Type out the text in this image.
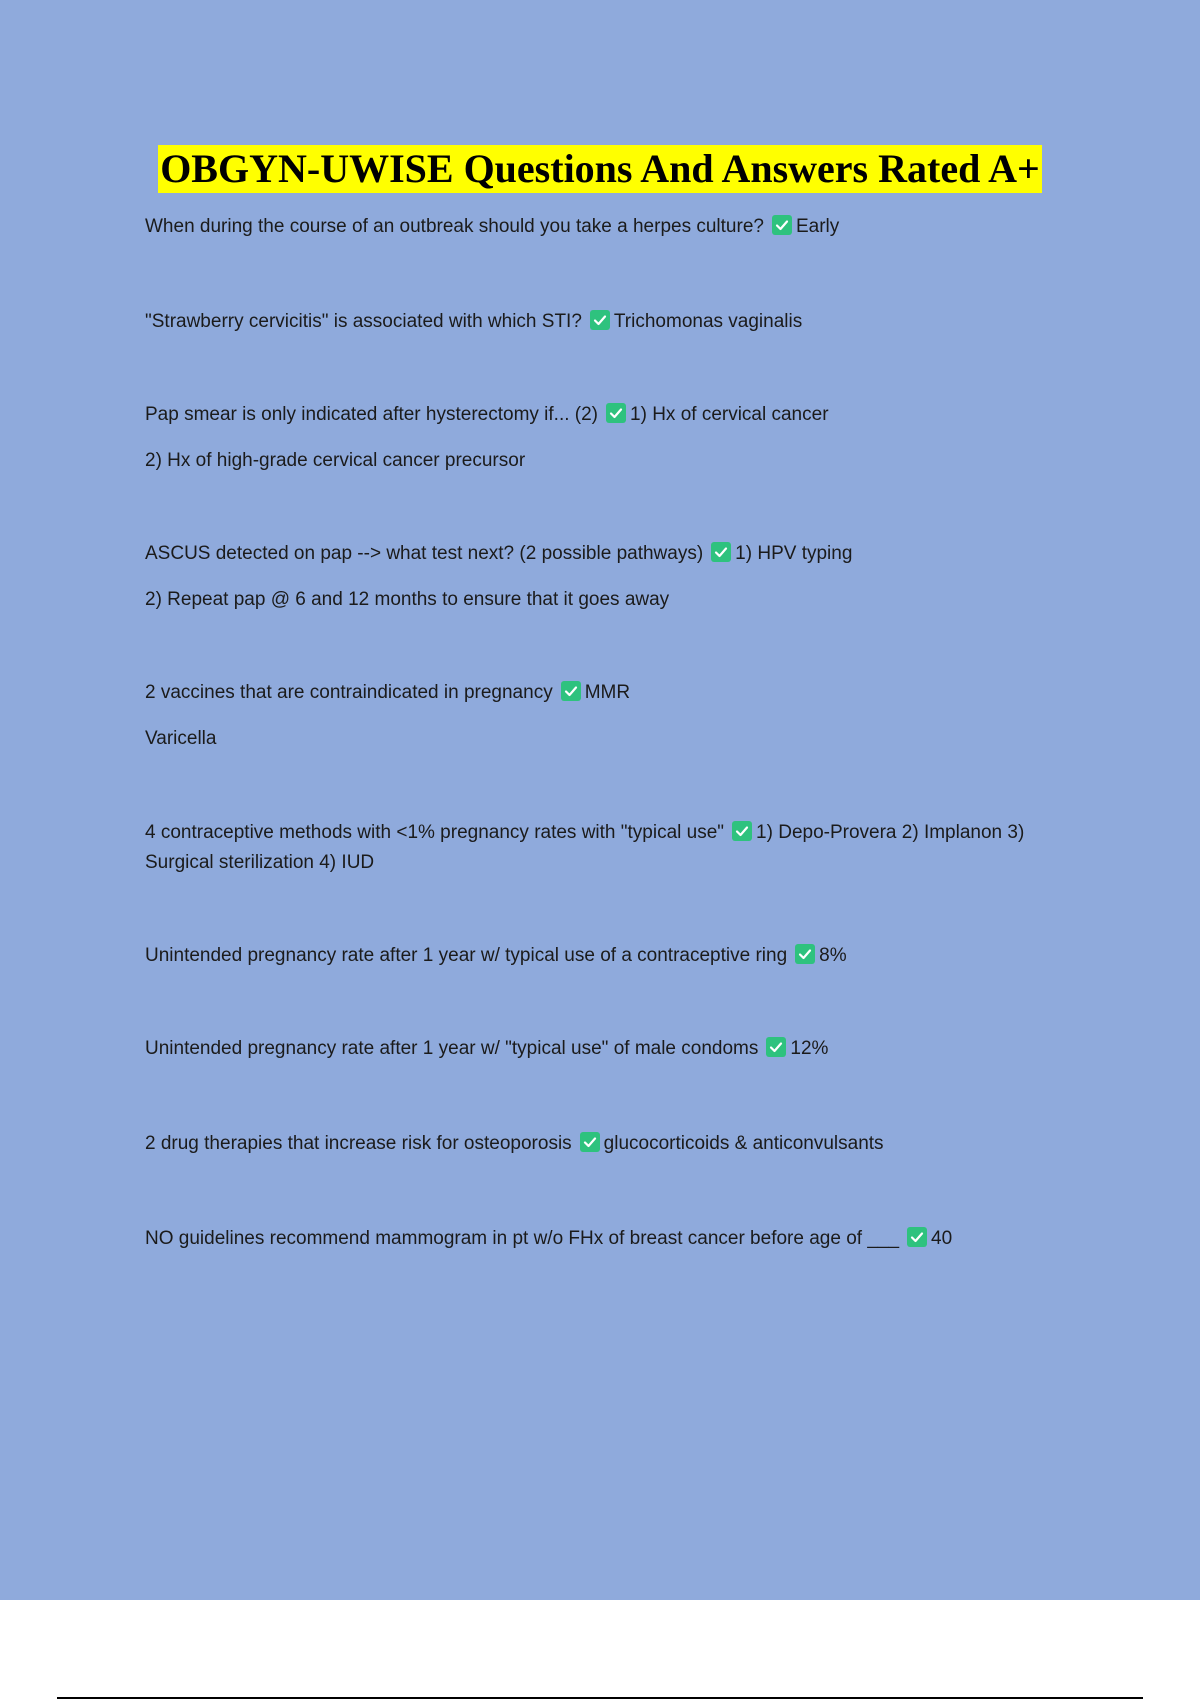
OBGYN-UWISE Questions And Answers Rated A+
When during the course of an outbreak should you take a herpes culture? Early
"Strawberry cervicitis" is associated with which STI? Trichomonas vaginalis
Pap smear is only indicated after hysterectomy if... (2) 1) Hx of cervical cancer
2) Hx of high-grade cervical cancer precursor
ASCUS detected on pap --> what test next? (2 possible pathways) 1) HPV typing
2) Repeat pap @ 6 and 12 months to ensure that it goes away
2 vaccines that are contraindicated in pregnancy MMR
Varicella
4 contraceptive methods with <1% pregnancy rates with "typical use" 1) Depo-Provera 2) Implanon 3) Surgical sterilization 4) IUD
Unintended pregnancy rate after 1 year w/ typical use of a contraceptive ring 8%
Unintended pregnancy rate after 1 year w/ "typical use" of male condoms 12%
2 drug therapies that increase risk for osteoporosis glucocorticoids & anticonvulsants
NO guidelines recommend mammogram in pt w/o FHx of breast cancer before age of ___ 40
